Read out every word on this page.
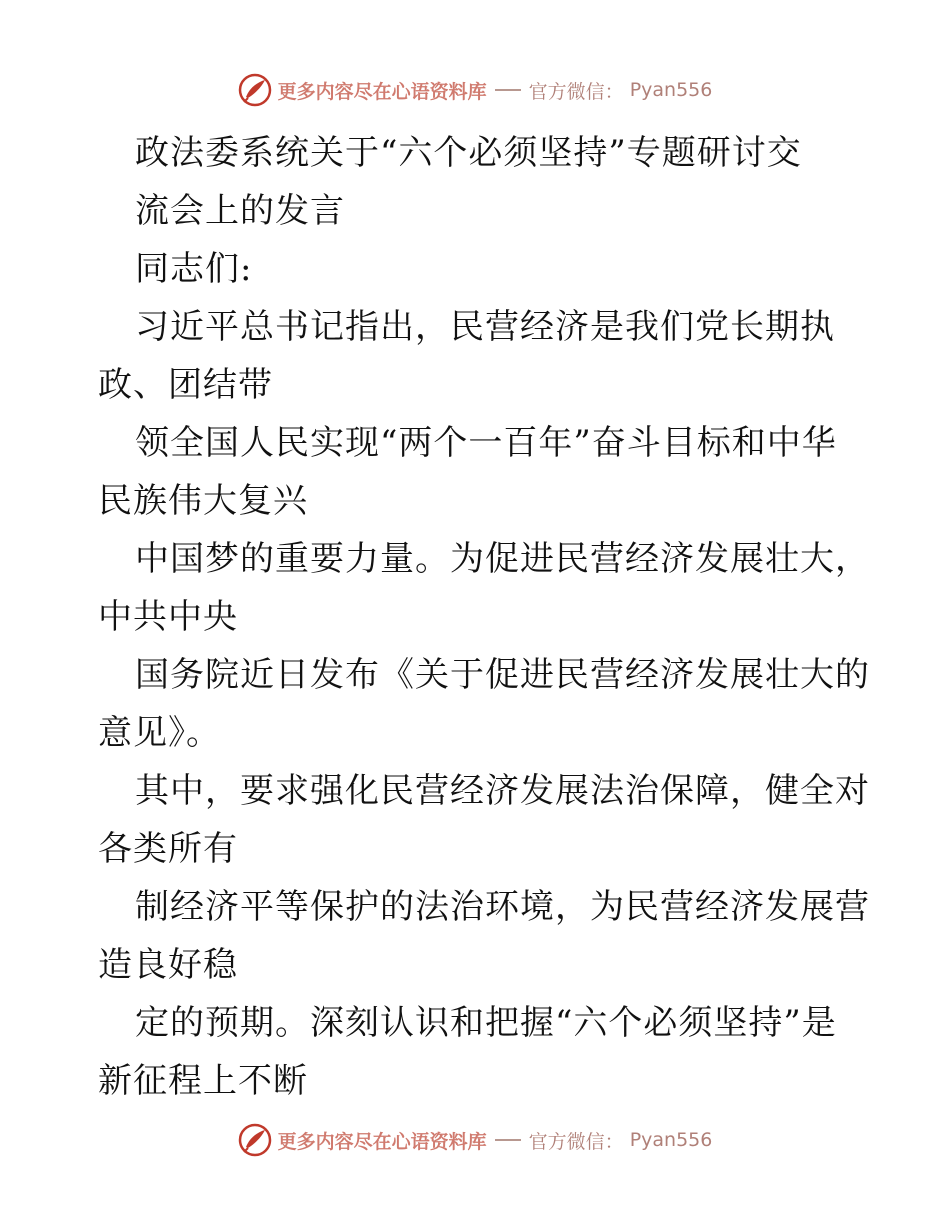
更多内容尽在心语资料库 官方微信： Pyan556
政法委系统关于“六个必须坚持”专题研讨交
流会上的发言
同志们:
习近平总书记指出，民营经济是我们党长期执
政、团结带
领全国人民实现“两个一百年”奋斗目标和中华
民族伟大复兴
中国梦的重要力量。为促进民营经济发展壮大，
中共中央
国务院近日发布《关于促进民营经济发展壮大的
意见》。
其中，要求强化民营经济发展法治保障，健全对
各类所有
制经济平等保护的法治环境，为民营经济发展营
造良好稳
定的预期。深刻认识和把握“六个必须坚持”是
新征程上不断
更多内容尽在心语资料库 官方微信： Pyan556
